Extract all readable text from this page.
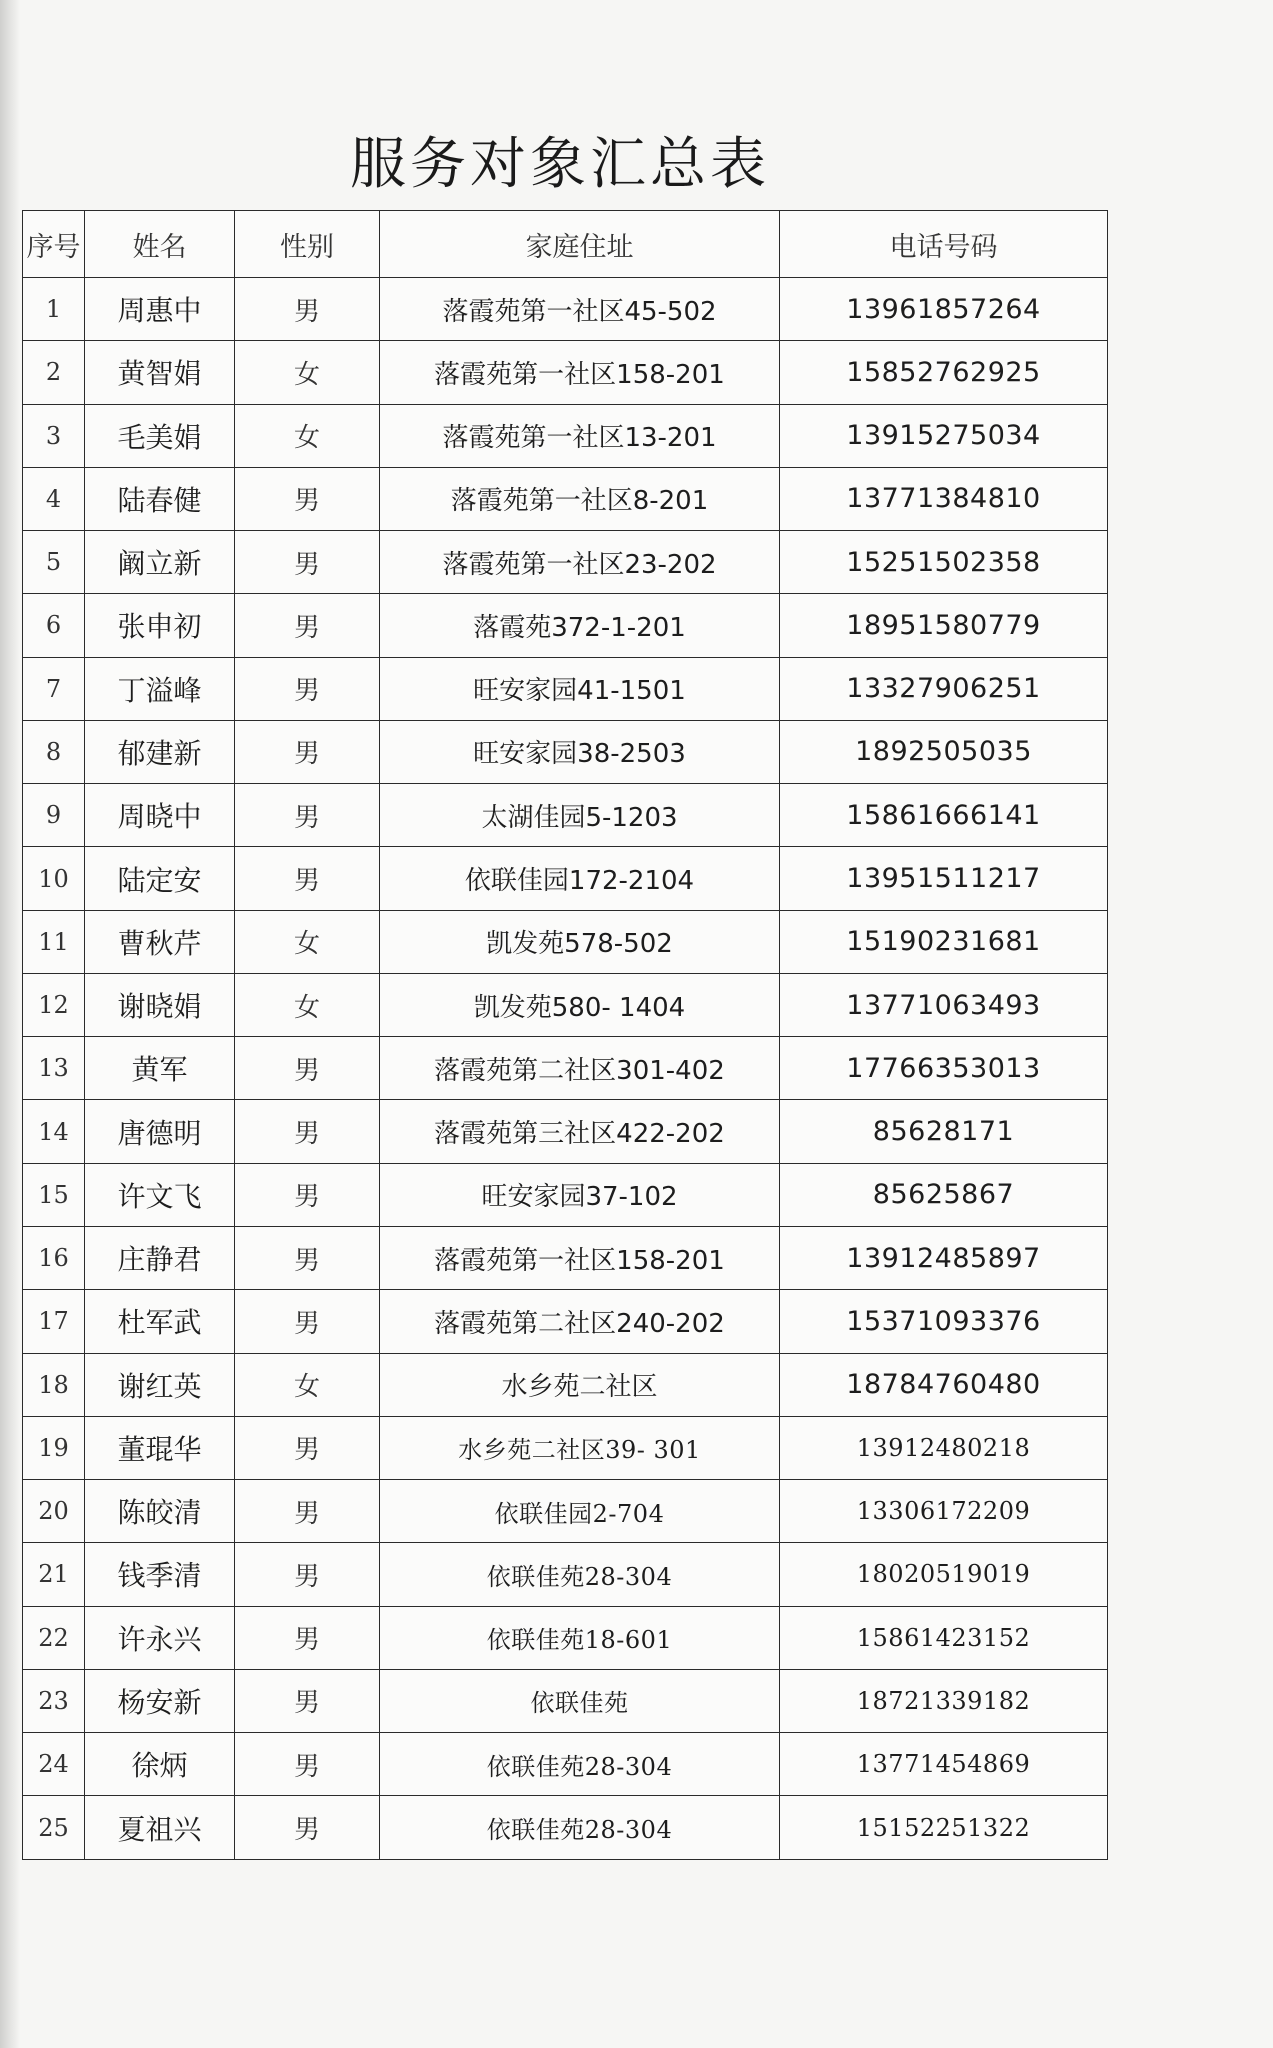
服务对象汇总表
序号	姓名	性别	家庭住址	电话号码
1	周惠中	男	落霞苑第一社区45-502	13961857264
2	黄智娟	女	落霞苑第一社区158-201	15852762925
3	毛美娟	女	落霞苑第一社区13-201	13915275034
4	陆春健	男	落霞苑第一社区8-201	13771384810
5	阚立新	男	落霞苑第一社区23-202	15251502358
6	张申初	男	落霞苑372-1-201	18951580779
7	丁溢峰	男	旺安家园41-1501	13327906251
8	郁建新	男	旺安家园38-2503	1892505035
9	周晓中	男	太湖佳园5-1203	15861666141
10	陆定安	男	依联佳园172-2104	13951511217
11	曹秋芹	女	凯发苑578-502	15190231681
12	谢晓娟	女	凯发苑580- 1404	13771063493
13	黄军	男	落霞苑第二社区301-402	17766353013
14	唐德明	男	落霞苑第三社区422-202	85628171
15	许文飞	男	旺安家园37-102	85625867
16	庄静君	男	落霞苑第一社区158-201	13912485897
17	杜军武	男	落霞苑第二社区240-202	15371093376
18	谢红英	女	水乡苑二社区	18784760480
19	董琨华	男	水乡苑二社区39- 301	13912480218
20	陈皎清	男	依联佳园2-704	13306172209
21	钱季清	男	依联佳苑28-304	18020519019
22	许永兴	男	依联佳苑18-601	15861423152
23	杨安新	男	依联佳苑	18721339182
24	徐炳	男	依联佳苑28-304	13771454869
25	夏祖兴	男	依联佳苑28-304	15152251322
